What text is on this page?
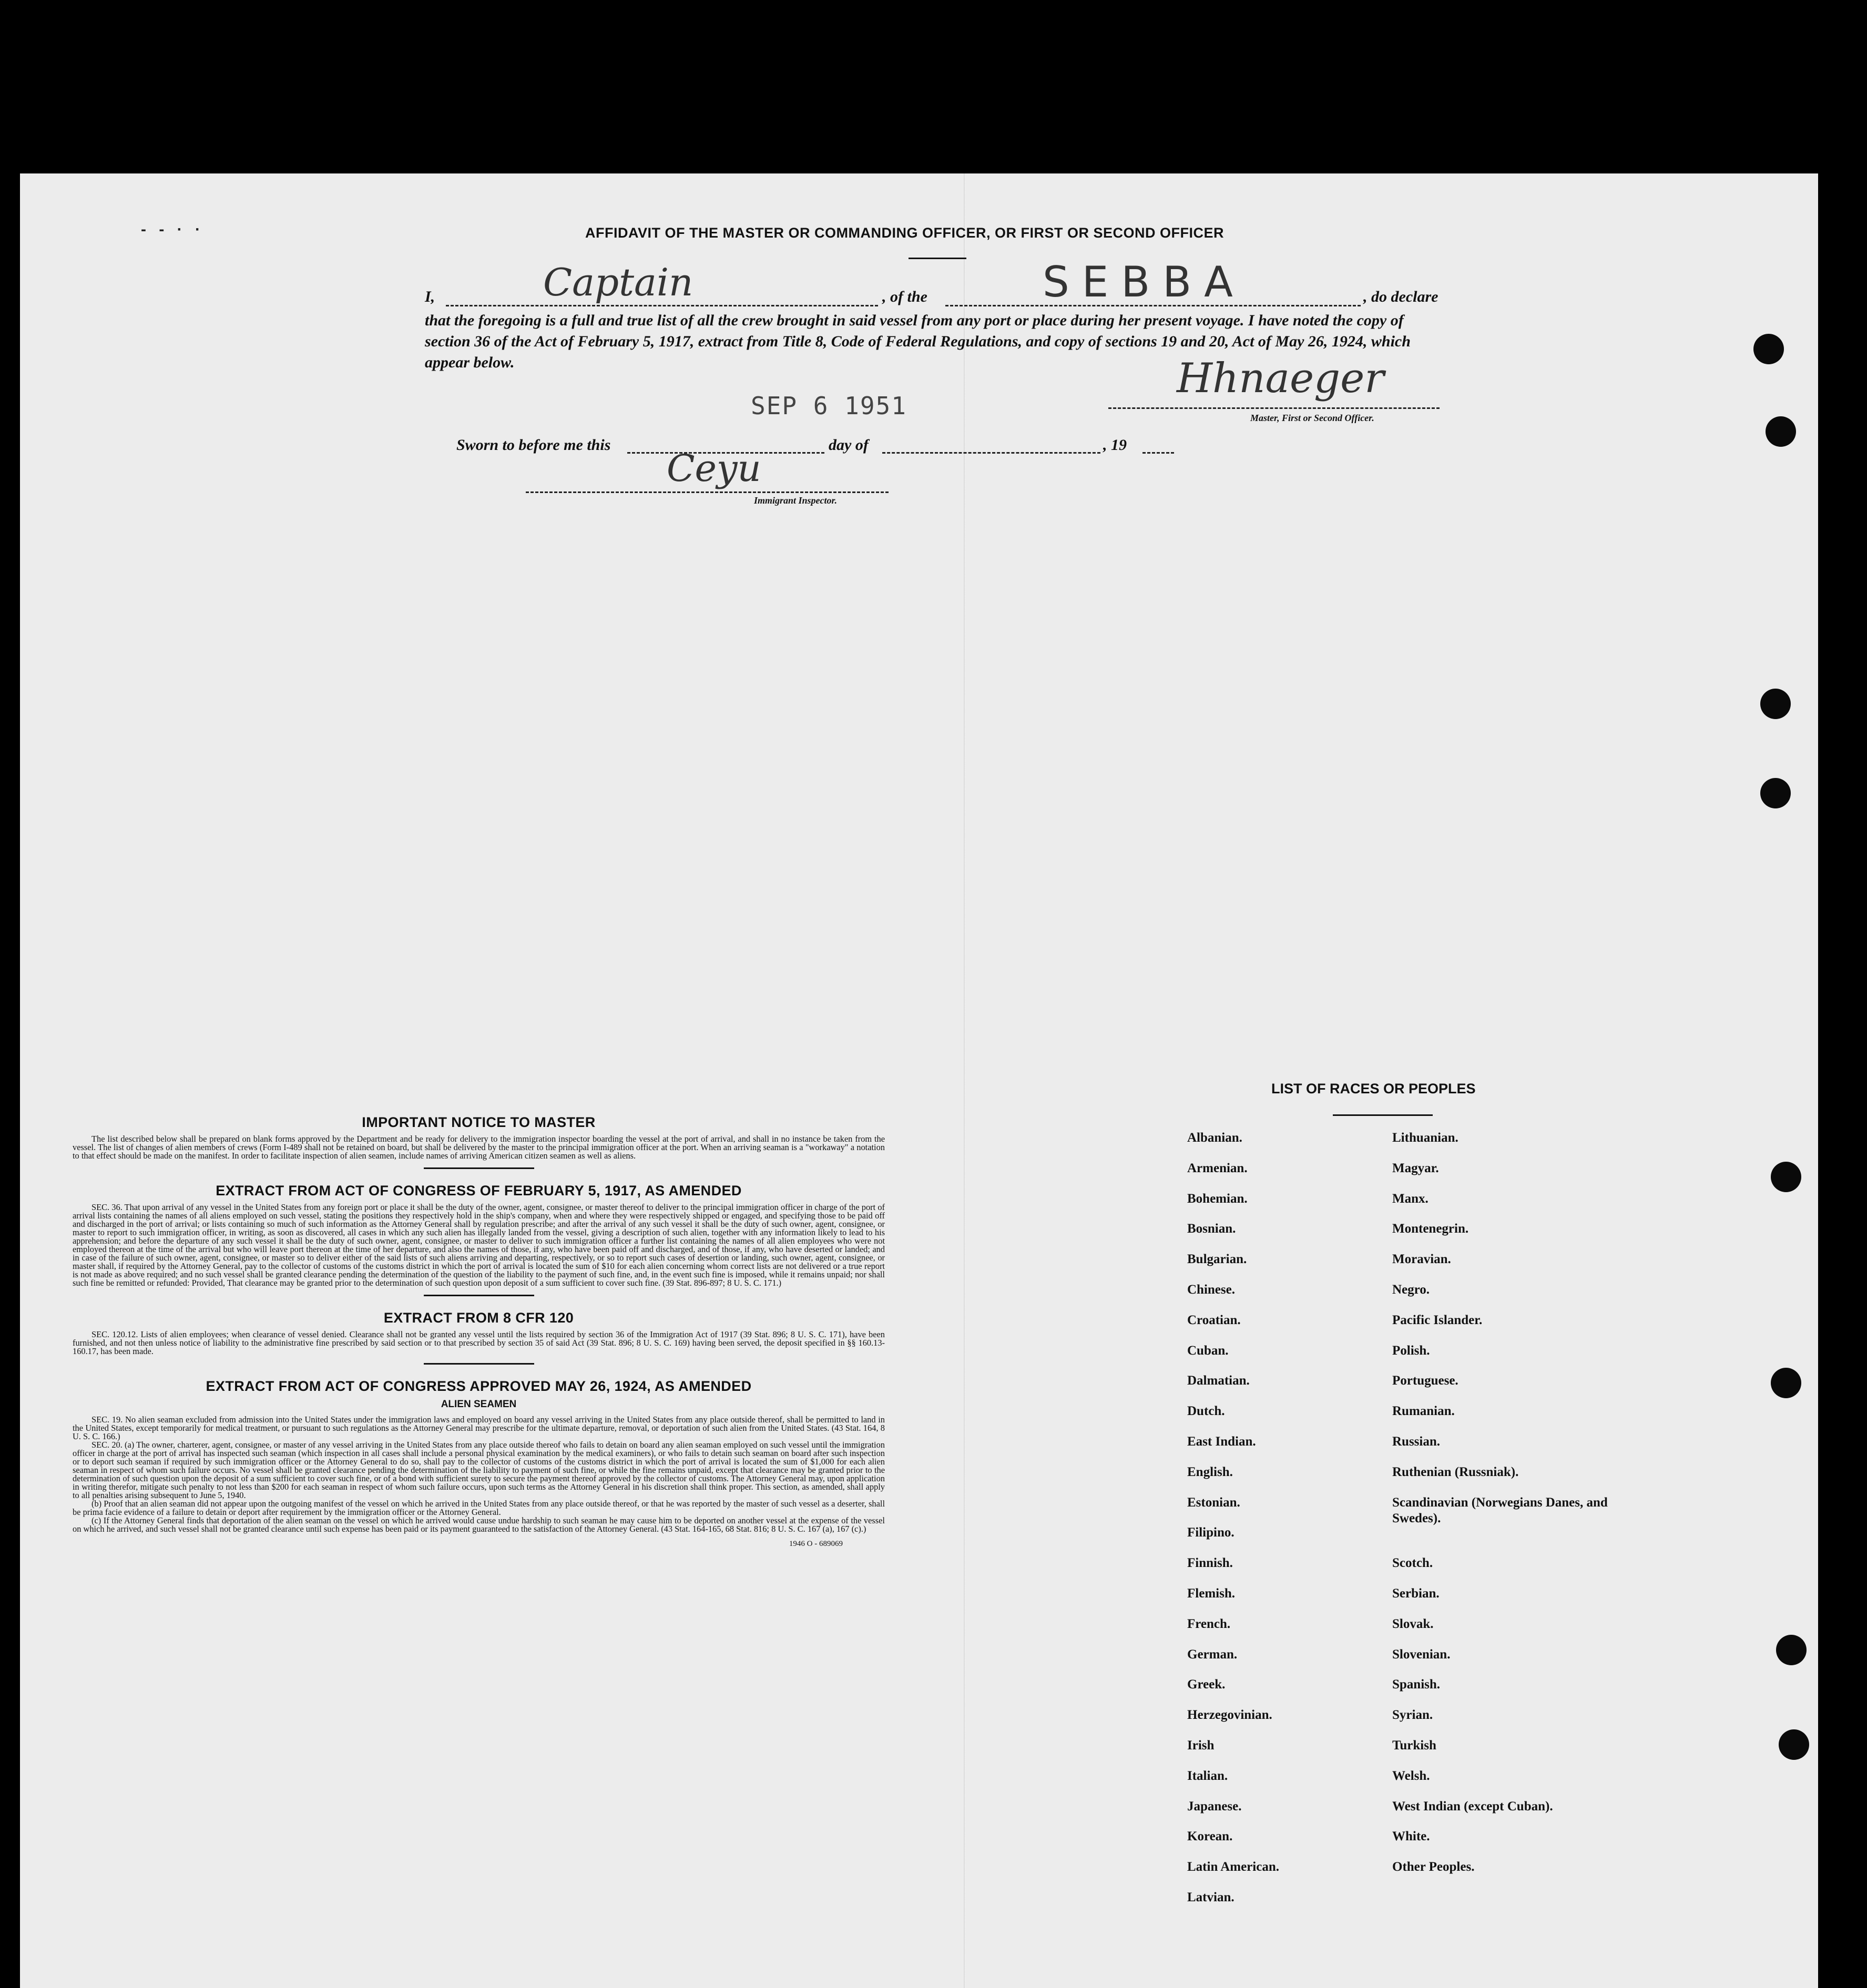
- - · ·	AFFIDAVIT OF THE MASTER OR COMMANDING OFFICER, OR FIRST OR SECOND OFFICER
I,	Captain	, of the	SEBBA	, do declare
that the foregoing is a full and true list of all the crew brought in said vessel from any port or place during her present voyage. I have noted the copy of section 36 of the Act of February 5, 1917, extract from Title 8, Code of Federal Regulations, and copy of sections 19 and 20, Act of May 26, 1924, which appear below.
SEP 6 1951
Hhnaeger
Master, First or Second Officer.
Sworn to before me this	day of	, 19
Ceyu
Immigrant Inspector.
IMPORTANT NOTICE TO MASTER

The list described below shall be prepared on blank forms approved by the Department and be ready for delivery to the immigration inspector boarding the vessel at the port of arrival, and shall in no instance be taken from the vessel. The list of changes of alien members of crews (Form I-489 shall not be retained on board, but shall be delivered by the master to the principal immigration officer at the port. When an arriving seaman is a "workaway" a notation to that effect should be made on the manifest. In order to facilitate inspection of alien seamen, include names of arriving American citizen seamen as well as aliens.

EXTRACT FROM ACT OF CONGRESS OF FEBRUARY 5, 1917, AS AMENDED

SEC. 36. That upon arrival of any vessel in the United States from any foreign port or place it shall be the duty of the owner, agent, consignee, or master thereof to deliver to the principal immigration officer in charge of the port of arrival lists containing the names of all aliens employed on such vessel, stating the positions they respectively hold in the ship's company, when and where they were respectively shipped or engaged, and specifying those to be paid off and discharged in the port of arrival; or lists containing so much of such information as the Attorney General shall by regulation prescribe; and after the arrival of any such vessel it shall be the duty of such owner, agent, consignee, or master to report to such immigration officer, in writing, as soon as discovered, all cases in which any such alien has illegally landed from the vessel, giving a description of such alien, together with any information likely to lead to his apprehension; and before the departure of any such vessel it shall be the duty of such owner, agent, consignee, or master to deliver to such immigration officer a further list containing the names of all alien employees who were not employed thereon at the time of the arrival but who will leave port thereon at the time of her departure, and also the names of those, if any, who have been paid off and discharged, and of those, if any, who have deserted or landed; and in case of the failure of such owner, agent, consignee, or master so to deliver either of the said lists of such aliens arriving and departing, respectively, or so to report such cases of desertion or landing, such owner, agent, consignee, or master shall, if required by the Attorney General, pay to the collector of customs of the customs district in which the port of arrival is located the sum of $10 for each alien concerning whom correct lists are not delivered or a true report is not made as above required; and no such vessel shall be granted clearance pending the determination of the question of the liability to the payment of such fine, and, in the event such fine is imposed, while it remains unpaid; nor shall such fine be remitted or refunded: Provided, That clearance may be granted prior to the determination of such question upon deposit of a sum sufficient to cover such fine. (39 Stat. 896-897; 8 U. S. C. 171.)

EXTRACT FROM 8 CFR 120

SEC. 120.12. Lists of alien employees; when clearance of vessel denied. Clearance shall not be granted any vessel until the lists required by section 36 of the Immigration Act of 1917 (39 Stat. 896; 8 U. S. C. 171), have been furnished, and not then unless notice of liability to the administrative fine prescribed by said section or to that prescribed by section 35 of said Act (39 Stat. 896; 8 U. S. C. 169) having been served, the deposit specified in §§ 160.13-160.17, has been made.

EXTRACT FROM ACT OF CONGRESS APPROVED MAY 26, 1924, AS AMENDED
ALIEN SEAMEN

SEC. 19. No alien seaman excluded from admission into the United States under the immigration laws and employed on board any vessel arriving in the United States from any place outside thereof, shall be permitted to land in the United States, except temporarily for medical treatment, or pursuant to such regulations as the Attorney General may prescribe for the ultimate departure, removal, or deportation of such alien from the United States. (43 Stat. 164, 8 U. S. C. 166.)

SEC. 20. (a) The owner, charterer, agent, consignee, or master of any vessel arriving in the United States from any place outside thereof who fails to detain on board any alien seaman employed on such vessel until the immigration officer in charge at the port of arrival has inspected such seaman (which inspection in all cases shall include a personal physical examination by the medical examiners), or who fails to detain such seaman on board after such inspection or to deport such seaman if required by such immigration officer or the Attorney General to do so, shall pay to the collector of customs of the customs district in which the port of arrival is located the sum of $1,000 for each alien seaman in respect of whom such failure occurs. No vessel shall be granted clearance pending the determination of the liability to payment of such fine, or while the fine remains unpaid, except that clearance may be granted prior to the determination of such question upon the deposit of a sum sufficient to cover such fine, or of a bond with sufficient surety to secure the payment thereof approved by the collector of customs. The Attorney General may, upon application in writing therefor, mitigate such penalty to not less than $200 for each seaman in respect of whom such failure occurs, upon such terms as the Attorney General in his discretion shall think proper. This section, as amended, shall apply to all penalties arising subsequent to June 5, 1940.

(b) Proof that an alien seaman did not appear upon the outgoing manifest of the vessel on which he arrived in the United States from any place outside thereof, or that he was reported by the master of such vessel as a deserter, shall be prima facie evidence of a failure to detain or deport after requirement by the immigration officer or the Attorney General.

(c) If the Attorney General finds that deportation of the alien seaman on the vessel on which he arrived would cause undue hardship to such seaman he may cause him to be deported on another vessel at the expense of the vessel on which he arrived, and such vessel shall not be granted clearance until such expense has been paid or its payment guaranteed to the satisfaction of the Attorney General. (43 Stat. 164-165, 68 Stat. 816; 8 U. S. C. 167 (a), 167 (c).)

1946 O - 689069
LIST OF RACES OR PEOPLES
Albanian.
Armenian.
Bohemian.
Bosnian.
Bulgarian.
Chinese.
Croatian.
Cuban.
Dalmatian.
Dutch.
East Indian.
English.
Estonian.
Filipino.
Finnish.
Flemish.
French.
German.
Greek.
Herzegovinian.
Irish
Italian.
Japanese.
Korean.
Latin American.
Latvian.
Lithuanian.
Magyar.
Manx.
Montenegrin.
Moravian.
Negro.
Pacific Islander.
Polish.
Portuguese.
Rumanian.
Russian.
Ruthenian (Russniak).
Scandinavian (Norwegians Danes, and Swedes).
Scotch.
Serbian.
Slovak.
Slovenian.
Spanish.
Syrian.
Turkish
Welsh.
West Indian (except Cuban).
White.
Other Peoples.
